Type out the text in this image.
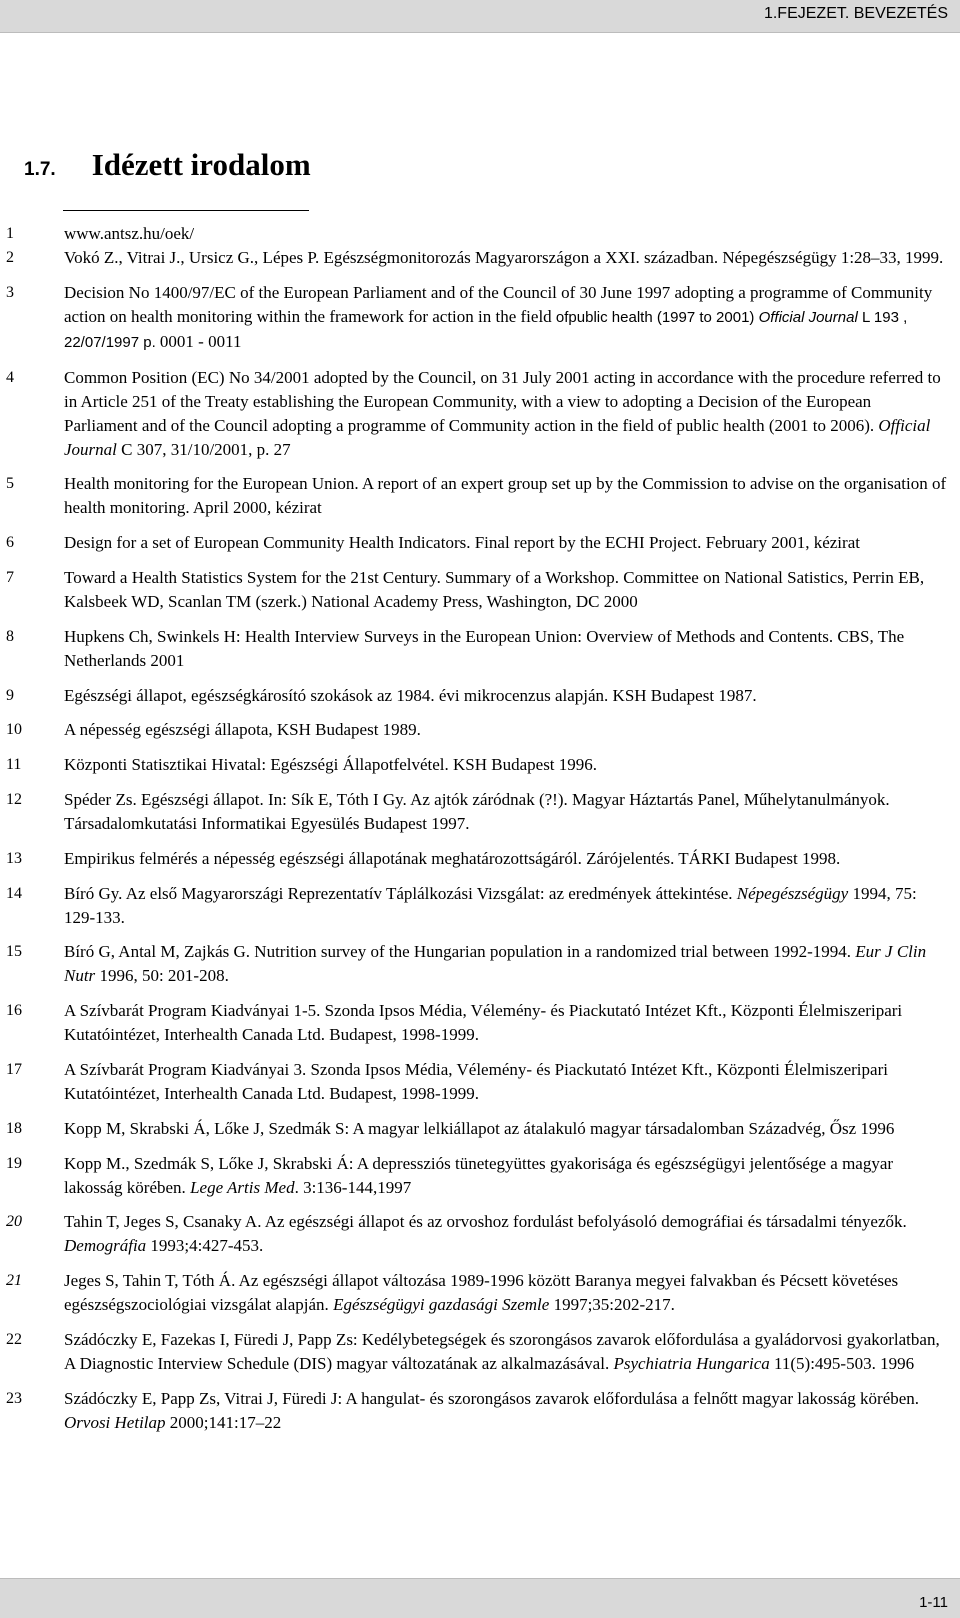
1.FEJEZET. BEVEZETÉS
1.7. Idézett irodalom
1	www.antsz.hu/oek/
2	Vokó Z., Vitrai J., Ursicz G., Lépes P. Egészségmonitorozás Magyarországon a XXI. században. Népegészségügy 1:28–33, 1999.
3	Decision No 1400/97/EC of the European Parliament and of the Council of 30 June 1997 adopting a programme of Community action on health monitoring within the framework for action in the field ofpublic health (1997 to 2001) Official Journal L 193 , 22/07/1997 p. 0001 - 0011
4	Common Position (EC) No 34/2001 adopted by the Council, on 31 July 2001 acting in accordance with the procedure referred to in Article 251 of the Treaty establishing the European Community, with a view to adopting a Decision of the European Parliament and of the Council adopting a programme of Community action in the field of public health (2001 to 2006). Official Journal C 307, 31/10/2001, p. 27
5	Health monitoring for the European Union. A report of an expert group set up by the Commission to advise on the organisation of health monitoring. April 2000, kézirat
6	Design for a set of European Community Health Indicators. Final report by the ECHI Project. February 2001, kézirat
7	Toward a Health Statistics System for the 21st Century. Summary of a Workshop. Committee on National Satistics, Perrin EB, Kalsbeek WD, Scanlan TM (szerk.) National Academy Press, Washington, DC 2000
8	Hupkens Ch, Swinkels H: Health Interview Surveys in the European Union: Overview of Methods and Contents. CBS, The Netherlands 2001
9	Egészségi állapot, egészségkárosító szokások az 1984. évi mikrocenzus alapján. KSH Budapest 1987.
10 A népesség egészségi állapota, KSH Budapest 1989.
11	Központi Statisztikai Hivatal: Egészségi Állapotfelvétel. KSH Budapest 1996.
12 Spéder Zs. Egészségi állapot. In: Sík E, Tóth I Gy. Az ajtók záródnak (?!). Magyar Háztartás Panel, Műhelytanulmányok. Társadalomkutatási Informatikai Egyesülés Budapest 1997.
13 Empirikus felmérés a népesség egészségi állapotának meghatározottságáról. Zárójelentés. TÁRKI Budapest 1998.
14 Bíró Gy. Az első Magyarországi Reprezentatív Táplálkozási Vizsgálat: az eredmények áttekintése. Népegészségügy 1994, 75: 129-133.
15 Bíró G, Antal M, Zajkás G. Nutrition survey of the Hungarian population in a randomized trial between 1992-1994. Eur J Clin Nutr 1996, 50: 201-208.
16 A Szívbarát Program Kiadványai 1-5. Szonda Ipsos Média, Vélemény- és Piackutató Intézet Kft., Központi Élelmiszeripari Kutatóintézet, Interhealth Canada Ltd. Budapest, 1998-1999.
17 A Szívbarát Program Kiadványai 3. Szonda Ipsos Média, Vélemény- és Piackutató Intézet Kft., Központi Élelmiszeripari Kutatóintézet, Interhealth Canada Ltd. Budapest, 1998-1999.
18 Kopp M, Skrabski Á, Lőke J, Szedmák S: A magyar lelkiállapot az átalakuló magyar társadalomban Századvég, Ősz 1996
19 Kopp M., Szedmák S, Lőke J, Skrabski Á: A depressziós tünetegyüttes gyakorisága és egészségügyi jelentősége a magyar lakosság körében. Lege Artis Med. 3:136-144,1997
20 Tahin T, Jeges S, Csanaky A. Az egészségi állapot és az orvoshoz fordulást befolyásoló demográfiai és társadalmi tényezők. Demográfia 1993;4:427-453.
21 Jeges S, Tahin T, Tóth Á. Az egészségi állapot változása 1989-1996 között Baranya megyei falvakban és Pécsett követéses egészségszociológiai vizsgálat alapján. Egészségügyi gazdasági Szemle 1997;35:202-217.
22 Szádóczky E, Fazekas I, Füredi J, Papp Zs: Kedélybetegségek és szorongásos zavarok előfordulása a gyaládorvosi gyakorlatban, A Diagnostic Interview Schedule (DIS) magyar változatának az alkalmazásával. Psychiatria Hungarica 11(5):495-503. 1996
23 Szádóczky E, Papp Zs, Vitrai J, Füredi J: A hangulat- és szorongásos zavarok előfordulása a felnőtt magyar lakosság körében. Orvosi Hetilap 2000;141:17–22
1-11
